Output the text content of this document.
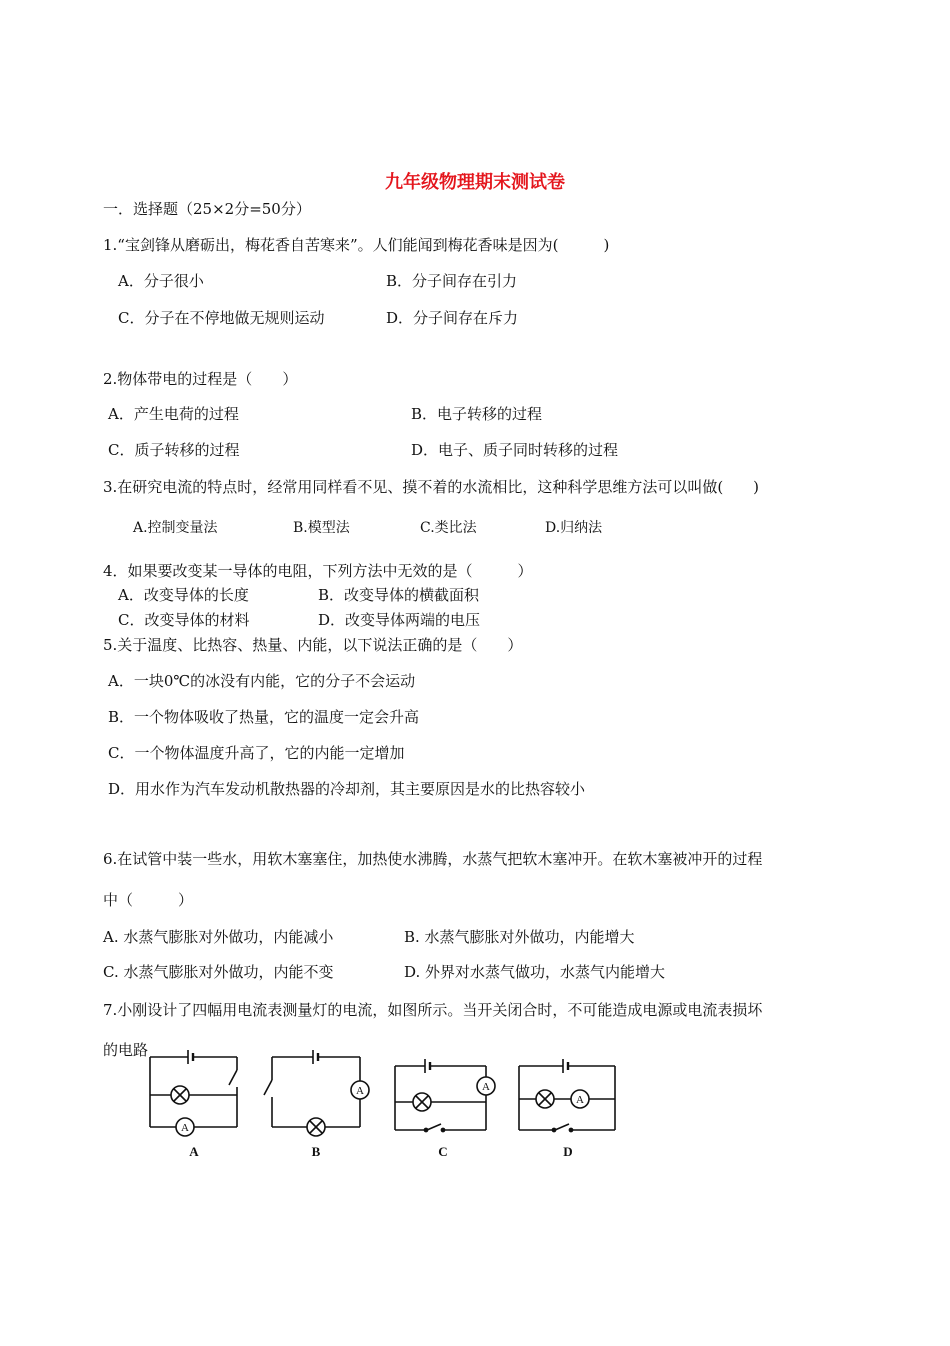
九年级物理期末测试卷
一．选择题（25×2分=50分）
1.“宝剑锋从磨砺出，梅花香自苦寒来”。人们能闻到梅花香味是因为(　　　)
A．分子很小	B．分子间存在引力
C．分子在不停地做无规则运动	D．分子间存在斥力
2.物体带电的过程是（　　）
A．产生电荷的过程	B．电子转移的过程
C．质子转移的过程	D．电子、质子同时转移的过程
3.在研究电流的特点时，经常用同样看不见、摸不着的水流相比，这种科学思维方法可以叫做(　　)
A.控制变量法	B.模型法	C.类比法	D.归纳法
4．如果要改变某一导体的电阻，下列方法中无效的是（　　　）
A．改变导体的长度	B．改变导体的横截面积
C．改变导体的材料	D．改变导体两端的电压
5.关于温度、比热容、热量、内能，以下说法正确的是（　　）
A．一块0℃的冰没有内能，它的分子不会运动
B．一个物体吸收了热量，它的温度一定会升高
C．一个物体温度升高了，它的内能一定增加
D．用水作为汽车发动机散热器的冷却剂，其主要原因是水的比热容较小
6.在试管中装一些水，用软木塞塞住，加热使水沸腾，水蒸气把软木塞冲开。在软木塞被冲开的过程
中（　　　）
A. 水蒸气膨胀对外做功，内能减小	B. 水蒸气膨胀对外做功，内能增大
C. 水蒸气膨胀对外做功，内能不变	D. 外界对水蒸气做功，水蒸气内能增大
7.小刚设计了四幅用电流表测量灯的电流，如图所示。当开关闭合时，不可能造成电源或电流表损坏
的电路
A
A
A
B
A
C
A
D
